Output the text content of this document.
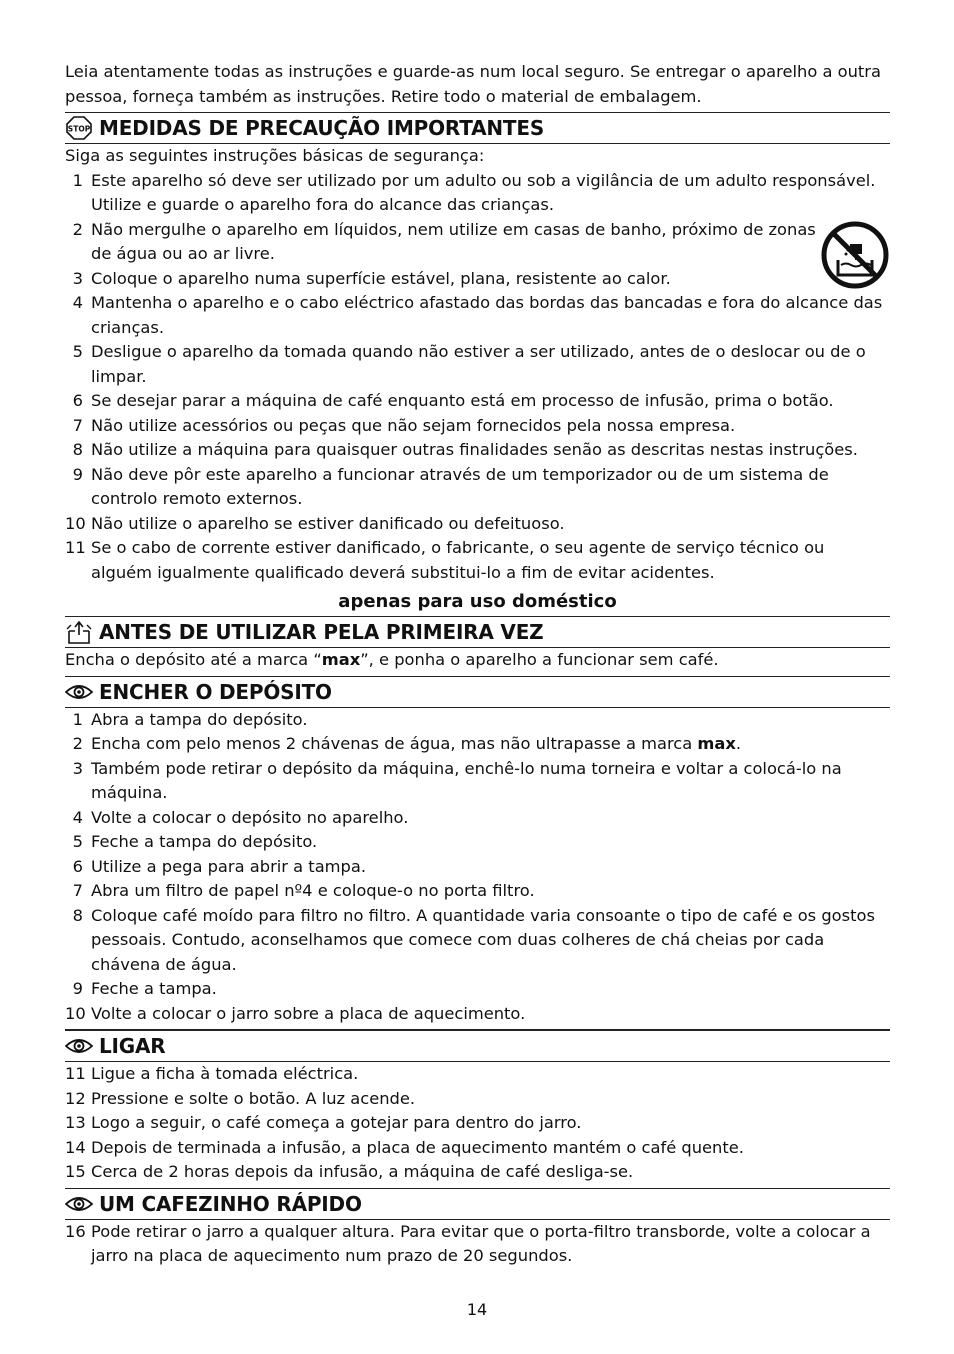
Leia atentamente todas as instruções e guarde-as num local seguro. Se entregar o aparelho a outra pessoa, forneça também as instruções. Retire todo o material de embalagem.

STOP MEDIDAS DE PRECAUÇÃO IMPORTANTES

Siga as seguintes instruções básicas de segurança:

1 Este aparelho só deve ser utilizado por um adulto ou sob a vigilância de um adulto responsável. Utilize e guarde o aparelho fora do alcance das crianças.
2 Não mergulhe o aparelho em líquidos, nem utilize em casas de banho, próximo de zonas de água ou ao ar livre.
3 Coloque o aparelho numa superfície estável, plana, resistente ao calor.
4 Mantenha o aparelho e o cabo eléctrico afastado das bordas das bancadas e fora do alcance das crianças.
5 Desligue o aparelho da tomada quando não estiver a ser utilizado, antes de o deslocar ou de o limpar.
6 Se desejar parar a máquina de café enquanto está em processo de infusão, prima o botão.
7 Não utilize acessórios ou peças que não sejam fornecidos pela nossa empresa.
8 Não utilize a máquina para quaisquer outras finalidades senão as descritas nestas instruções.
9 Não deve pôr este aparelho a funcionar através de um temporizador ou de um sistema de controlo remoto externos.
10 Não utilize o aparelho se estiver danificado ou defeituoso.
11 Se o cabo de corrente estiver danificado, o fabricante, o seu agente de serviço técnico ou alguém igualmente qualificado deverá substitui-lo a fim de evitar acidentes.
apenas para uso doméstico
ANTES DE UTILIZAR PELA PRIMEIRA VEZ

Encha o depósito até a marca “max”, e ponha o aparelho a funcionar sem café.

ENCHER O DEPÓSITO
1 Abra a tampa do depósito.
2 Encha com pelo menos 2 chávenas de água, mas não ultrapasse a marca max.
3 Também pode retirar o depósito da máquina, enchê-lo numa torneira e voltar a colocá-lo na máquina.
4 Volte a colocar o depósito no aparelho.
5 Feche a tampa do depósito.
6 Utilize a pega para abrir a tampa.
7 Abra um filtro de papel nº4 e coloque-o no porta filtro.
8 Coloque café moído para filtro no filtro. A quantidade varia consoante o tipo de café e os gostos pessoais. Contudo, aconselhamos que comece com duas colheres de chá cheias por cada chávena de água.
9 Feche a tampa.
10 Volte a colocar o jarro sobre a placa de aquecimento.
LIGAR
11 Ligue a ficha à tomada eléctrica.
12 Pressione e solte o botão. A luz acende.
13 Logo a seguir, o café começa a gotejar para dentro do jarro.
14 Depois de terminada a infusão, a placa de aquecimento mantém o café quente.
15 Cerca de 2 horas depois da infusão, a máquina de café desliga-se.
UM CAFEZINHO RÁPIDO
16 Pode retirar o jarro a qualquer altura. Para evitar que o porta-filtro transborde, volte a colocar a jarro na placa de aquecimento num prazo de 20 segundos.
14
